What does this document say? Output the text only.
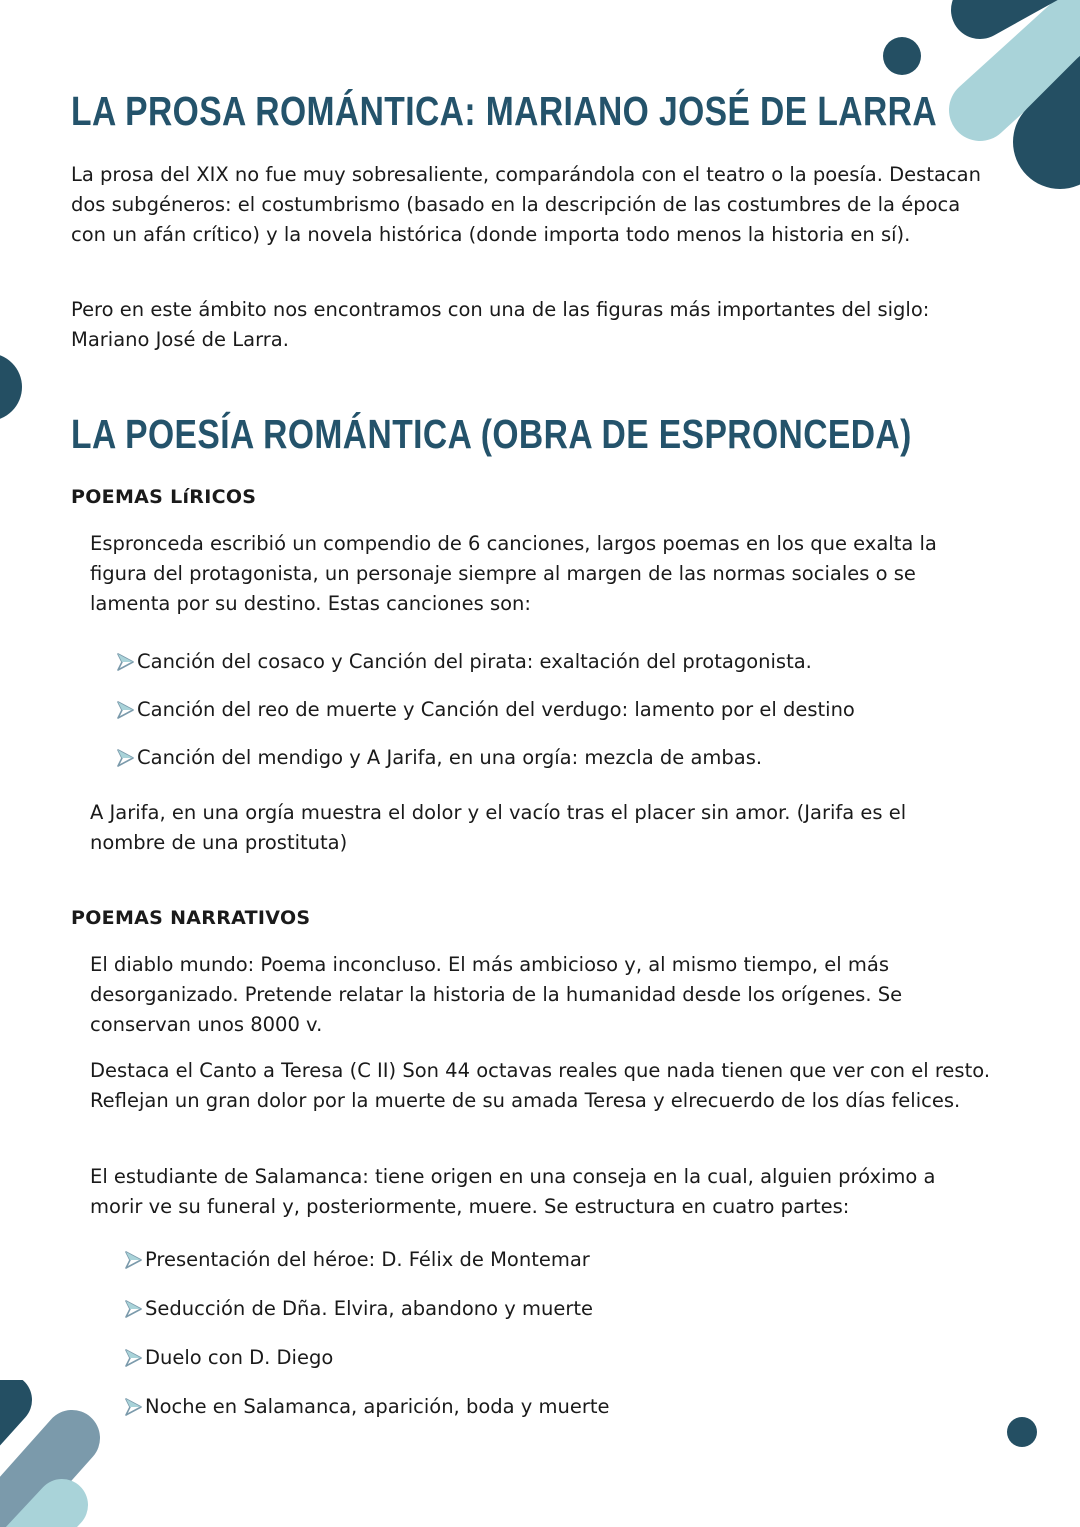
LA PROSA ROMÁNTICA: MARIANO JOSÉ DE LARRA

La prosa del XIX no fue muy sobresaliente, comparándola con el teatro o la poesía. Destacan dos subgéneros: el costumbrismo (basado en la descripción de las costumbres de la época con un afán crítico) y la novela histórica (donde importa todo menos la historia en sí).

Pero en este ámbito nos encontramos con una de las figuras más importantes del siglo: Mariano José de Larra.

LA POESÍA ROMÁNTICA (OBRA DE ESPRONCEDA)
POEMAS LíRICOS

Espronceda escribió un compendio de 6 canciones, largos poemas en los que exalta la figura del protagonista, un personaje siempre al margen de las normas sociales o se lamenta por su destino. Estas canciones son:

Canción del cosaco y Canción del pirata: exaltación del protagonista.
Canción del reo de muerte y Canción del verdugo: lamento por el destino
Canción del mendigo y A Jarifa, en una orgía: mezcla de ambas.

A Jarifa, en una orgía muestra el dolor y el vacío tras el placer sin amor. (Jarifa es el nombre de una prostituta)

POEMAS NARRATIVOS

El diablo mundo: Poema inconcluso. El más ambicioso y, al mismo tiempo, el más desorganizado. Pretende relatar la historia de la humanidad desde los orígenes. Se conservan unos 8000 v.

Destaca el Canto a Teresa (C II) Son 44 octavas reales que nada tienen que ver con el resto. Reflejan un gran dolor por la muerte de su amada Teresa y elrecuerdo de los días felices.

El estudiante de Salamanca: tiene origen en una conseja en la cual, alguien próximo a morir ve su funeral y, posteriormente, muere. Se estructura en cuatro partes:

Presentación del héroe: D. Félix de Montemar
Seducción de Dña. Elvira, abandono y muerte
Duelo con D. Diego
Noche en Salamanca, aparición, boda y muerte
